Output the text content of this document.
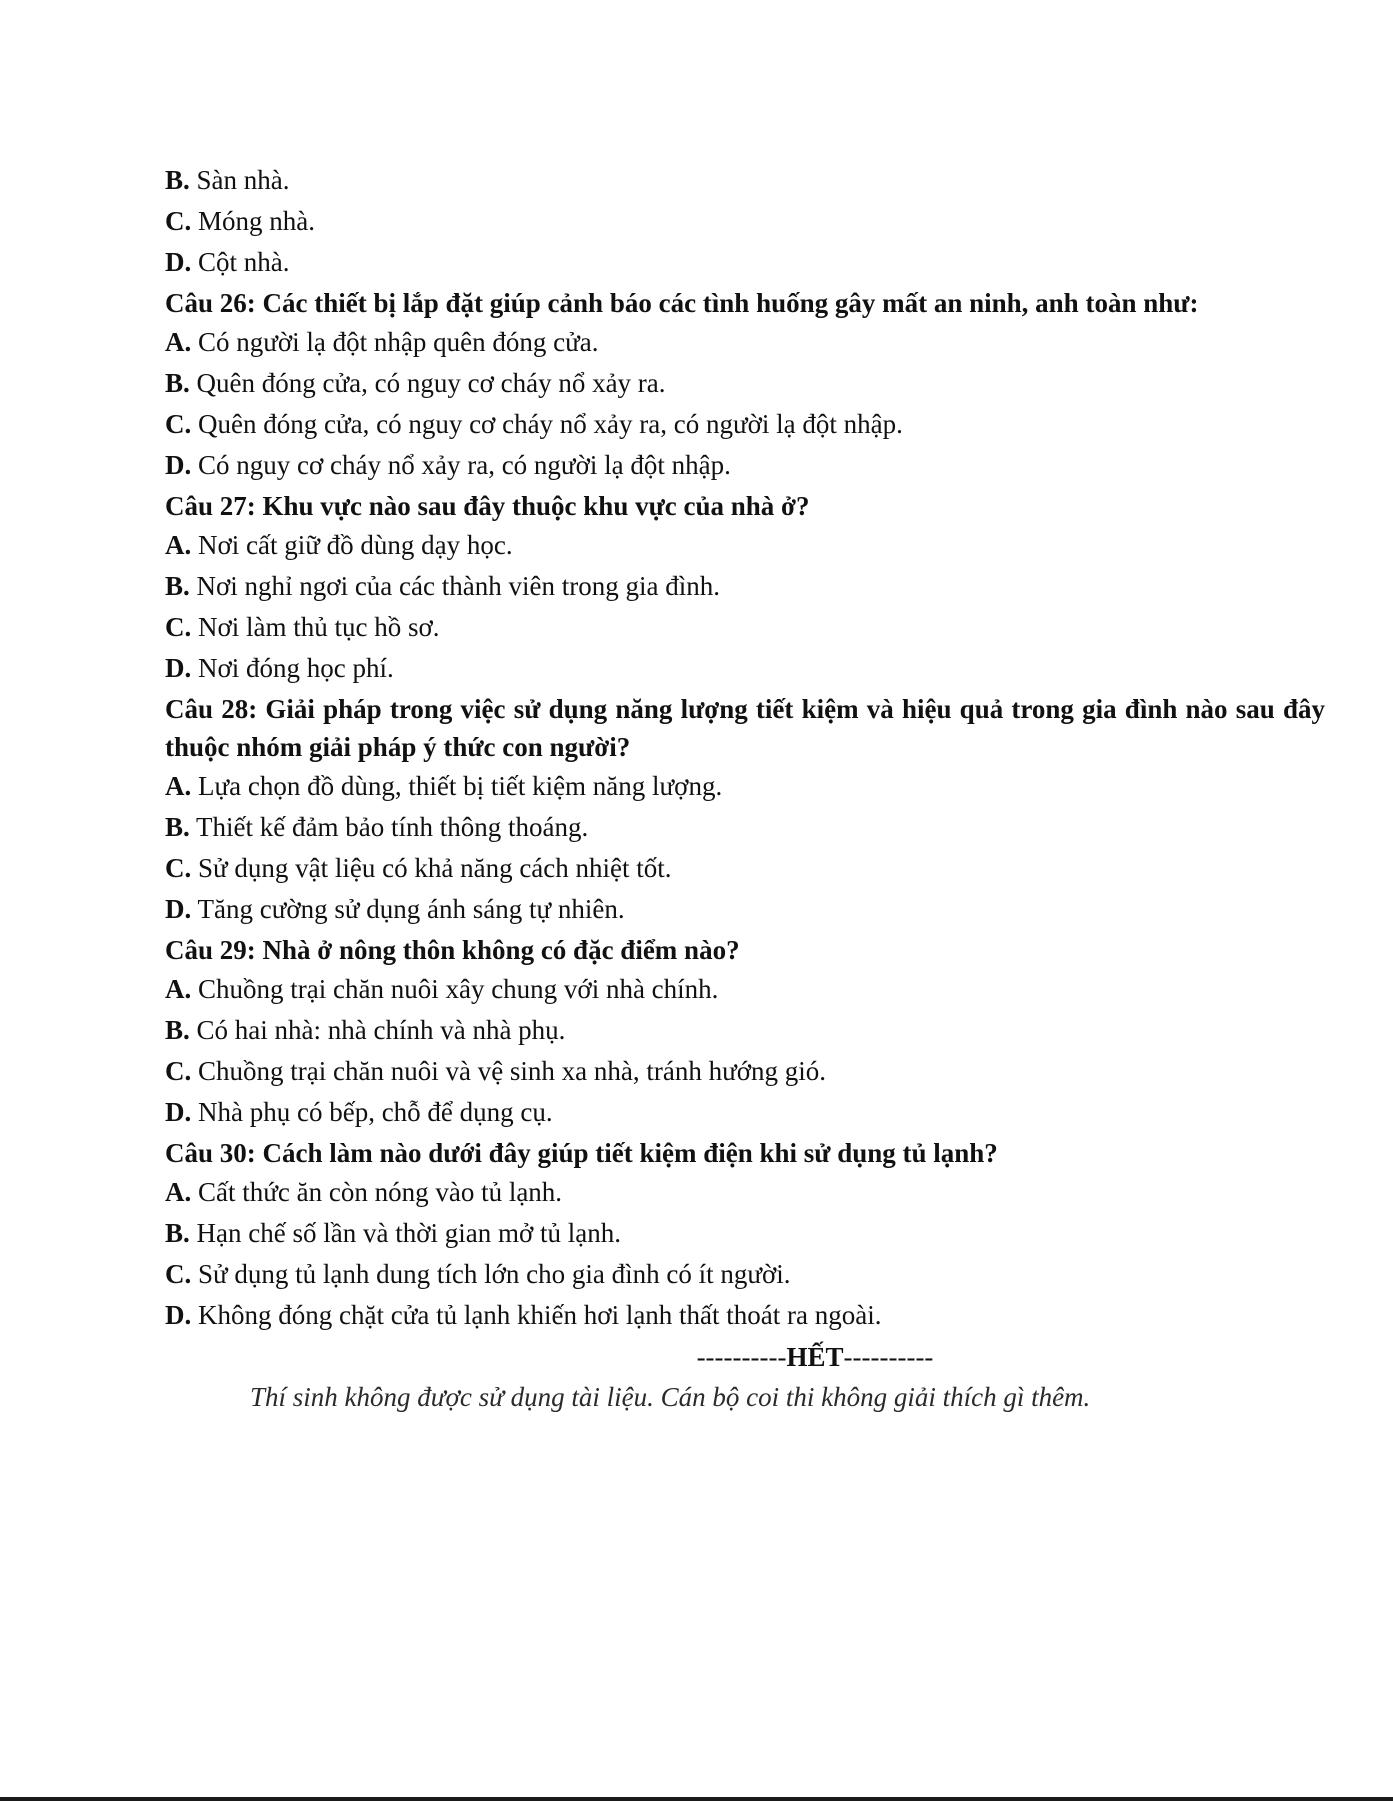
B. Sàn nhà.
C. Móng nhà.
D. Cột nhà.
Câu 26: Các thiết bị lắp đặt giúp cảnh báo các tình huống gây mất an ninh, anh toàn như:
A. Có người lạ đột nhập quên đóng cửa.
B. Quên đóng cửa, có nguy cơ cháy nổ xảy ra.
C. Quên đóng cửa, có nguy cơ cháy nổ xảy ra, có người lạ đột nhập.
D. Có nguy cơ cháy nổ xảy ra, có người lạ đột nhập.
Câu 27: Khu vực nào sau đây thuộc khu vực của nhà ở?
A. Nơi cất giữ đồ dùng dạy học.
B. Nơi nghỉ ngơi của các thành viên trong gia đình.
C. Nơi làm thủ tục hồ sơ.
D. Nơi đóng học phí.
Câu 28: Giải pháp trong việc sử dụng năng lượng tiết kiệm và hiệu quả trong gia đình nào sau đây thuộc nhóm giải pháp ý thức con người?
A. Lựa chọn đồ dùng, thiết bị tiết kiệm năng lượng.
B. Thiết kế đảm bảo tính thông thoáng.
C. Sử dụng vật liệu có khả năng cách nhiệt tốt.
D. Tăng cường sử dụng ánh sáng tự nhiên.
Câu 29: Nhà ở nông thôn không có đặc điểm nào?
A. Chuồng trại chăn nuôi xây chung với nhà chính.
B. Có hai nhà: nhà chính và nhà phụ.
C. Chuồng trại chăn nuôi và vệ sinh xa nhà, tránh hướng gió.
D. Nhà phụ có bếp, chỗ để dụng cụ.
Câu 30: Cách làm nào dưới đây giúp tiết kiệm điện khi sử dụng tủ lạnh?
A. Cất thức ăn còn nóng vào tủ lạnh.
B. Hạn chế số lần và thời gian mở tủ lạnh.
C. Sử dụng tủ lạnh dung tích lớn cho gia đình có ít người.
D. Không đóng chặt cửa tủ lạnh khiến hơi lạnh thất thoát ra ngoài.
----------HẾT----------
Thí sinh không được sử dụng tài liệu. Cán bộ coi thi không giải thích gì thêm.
